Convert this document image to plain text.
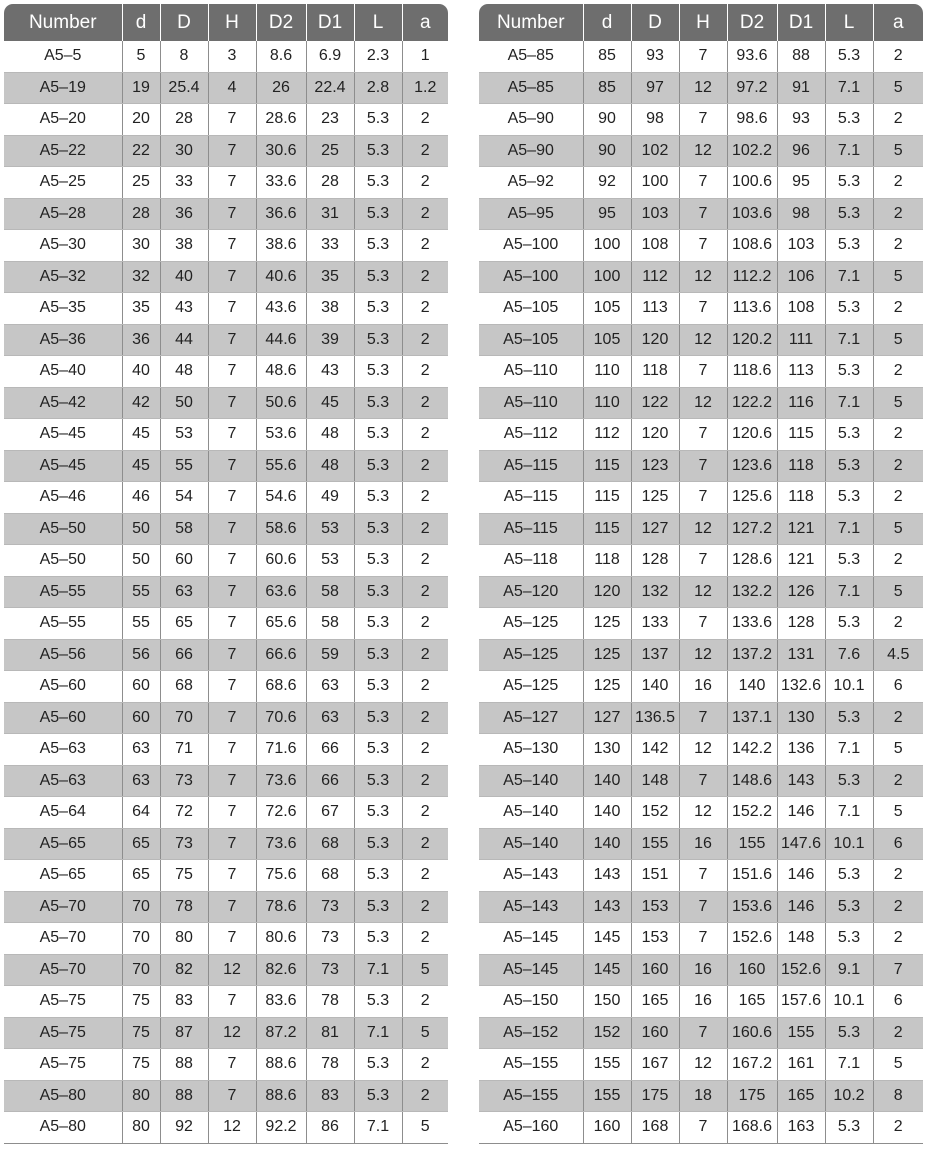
Number	d	D	H	D2	D1	L	a
A5–5	5	8	3	8.6	6.9	2.3	1
A5–19	19	25.4	4	26	22.4	2.8	1.2
A5–20	20	28	7	28.6	23	5.3	2
A5–22	22	30	7	30.6	25	5.3	2
A5–25	25	33	7	33.6	28	5.3	2
A5–28	28	36	7	36.6	31	5.3	2
A5–30	30	38	7	38.6	33	5.3	2
A5–32	32	40	7	40.6	35	5.3	2
A5–35	35	43	7	43.6	38	5.3	2
A5–36	36	44	7	44.6	39	5.3	2
A5–40	40	48	7	48.6	43	5.3	2
A5–42	42	50	7	50.6	45	5.3	2
A5–45	45	53	7	53.6	48	5.3	2
A5–45	45	55	7	55.6	48	5.3	2
A5–46	46	54	7	54.6	49	5.3	2
A5–50	50	58	7	58.6	53	5.3	2
A5–50	50	60	7	60.6	53	5.3	2
A5–55	55	63	7	63.6	58	5.3	2
A5–55	55	65	7	65.6	58	5.3	2
A5–56	56	66	7	66.6	59	5.3	2
A5–60	60	68	7	68.6	63	5.3	2
A5–60	60	70	7	70.6	63	5.3	2
A5–63	63	71	7	71.6	66	5.3	2
A5–63	63	73	7	73.6	66	5.3	2
A5–64	64	72	7	72.6	67	5.3	2
A5–65	65	73	7	73.6	68	5.3	2
A5–65	65	75	7	75.6	68	5.3	2
A5–70	70	78	7	78.6	73	5.3	2
A5–70	70	80	7	80.6	73	5.3	2
A5–70	70	82	12	82.6	73	7.1	5
A5–75	75	83	7	83.6	78	5.3	2
A5–75	75	87	12	87.2	81	7.1	5
A5–75	75	88	7	88.6	78	5.3	2
A5–80	80	88	7	88.6	83	5.3	2
A5–80	80	92	12	92.2	86	7.1	5
Number	d	D	H	D2	D1	L	a
A5–85	85	93	7	93.6	88	5.3	2
A5–85	85	97	12	97.2	91	7.1	5
A5–90	90	98	7	98.6	93	5.3	2
A5–90	90	102	12	102.2	96	7.1	5
A5–92	92	100	7	100.6	95	5.3	2
A5–95	95	103	7	103.6	98	5.3	2
A5–100	100	108	7	108.6	103	5.3	2
A5–100	100	112	12	112.2	106	7.1	5
A5–105	105	113	7	113.6	108	5.3	2
A5–105	105	120	12	120.2	111	7.1	5
A5–110	110	118	7	118.6	113	5.3	2
A5–110	110	122	12	122.2	116	7.1	5
A5–112	112	120	7	120.6	115	5.3	2
A5–115	115	123	7	123.6	118	5.3	2
A5–115	115	125	7	125.6	118	5.3	2
A5–115	115	127	12	127.2	121	7.1	5
A5–118	118	128	7	128.6	121	5.3	2
A5–120	120	132	12	132.2	126	7.1	5
A5–125	125	133	7	133.6	128	5.3	2
A5–125	125	137	12	137.2	131	7.6	4.5
A5–125	125	140	16	140	132.6	10.1	6
A5–127	127	136.5	7	137.1	130	5.3	2
A5–130	130	142	12	142.2	136	7.1	5
A5–140	140	148	7	148.6	143	5.3	2
A5–140	140	152	12	152.2	146	7.1	5
A5–140	140	155	16	155	147.6	10.1	6
A5–143	143	151	7	151.6	146	5.3	2
A5–143	143	153	7	153.6	146	5.3	2
A5–145	145	153	7	152.6	148	5.3	2
A5–145	145	160	16	160	152.6	9.1	7
A5–150	150	165	16	165	157.6	10.1	6
A5–152	152	160	7	160.6	155	5.3	2
A5–155	155	167	12	167.2	161	7.1	5
A5–155	155	175	18	175	165	10.2	8
A5–160	160	168	7	168.6	163	5.3	2
